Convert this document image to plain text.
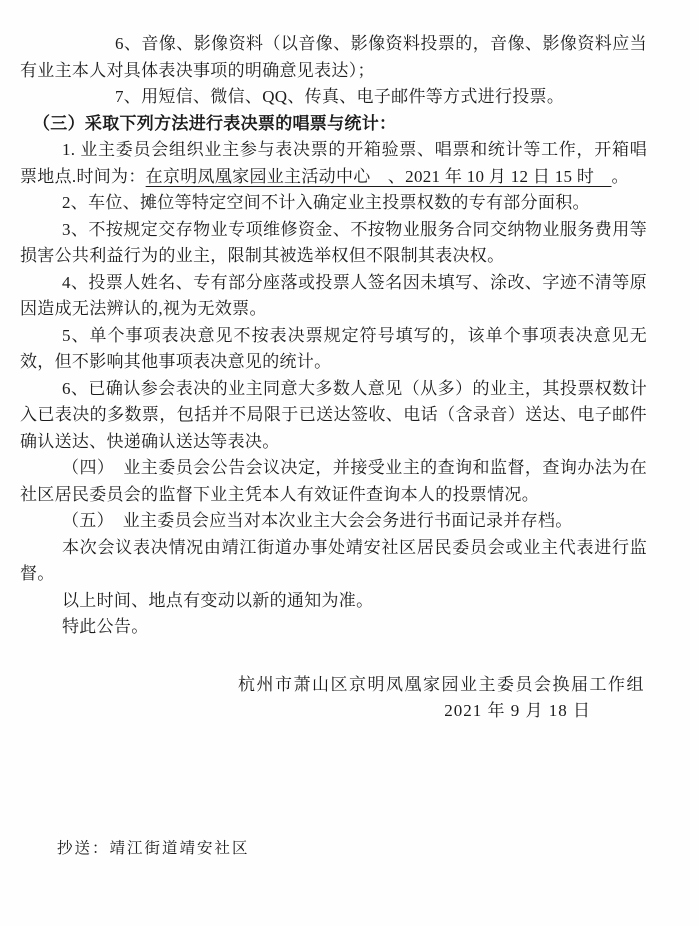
6、音像、影像资料（以音像、影像资料投票的，音像、影像资料应当有业主本人对具体表决事项的明确意见表达）；

7、用短信、微信、QQ、传真、电子邮件等方式进行投票。

（三）采取下列方法进行表决票的唱票与统计：

1. 业主委员会组织业主参与表决票的开箱验票、唱票和统计等工作，开箱唱票地点.时间为：在京明凤凰家园业主活动中心　、2021 年 10 月 12 日 15 时　。

2、车位、摊位等特定空间不计入确定业主投票权数的专有部分面积。

3、不按规定交存物业专项维修资金、不按物业服务合同交纳物业服务费用等损害公共利益行为的业主，限制其被选举权但不限制其表决权。

4、投票人姓名、专有部分座落或投票人签名因未填写、涂改、字迹不清等原因造成无法辨认的,视为无效票。

5、单个事项表决意见不按表决票规定符号填写的，该单个事项表决意见无效，但不影响其他事项表决意见的统计。

6、已确认参会表决的业主同意大多数人意见（从多）的业主，其投票权数计入已表决的多数票，包括并不局限于已送达签收、电话（含录音）送达、电子邮件确认送达、快递确认送达等表决。

（四）　业主委员会公告会议决定，并接受业主的查询和监督，查询办法为在社区居民委员会的监督下业主凭本人有效证件查询本人的投票情况。

（五）　业主委员会应当对本次业主大会会务进行书面记录并存档。

本次会议表决情况由靖江街道办事处靖安社区居民委员会或业主代表进行监督。

以上时间、地点有变动以新的通知为准。

特此公告。

杭州市萧山区京明凤凰家园业主委员会换届工作组

2021 年 9 月 18 日

抄送：靖江街道靖安社区
